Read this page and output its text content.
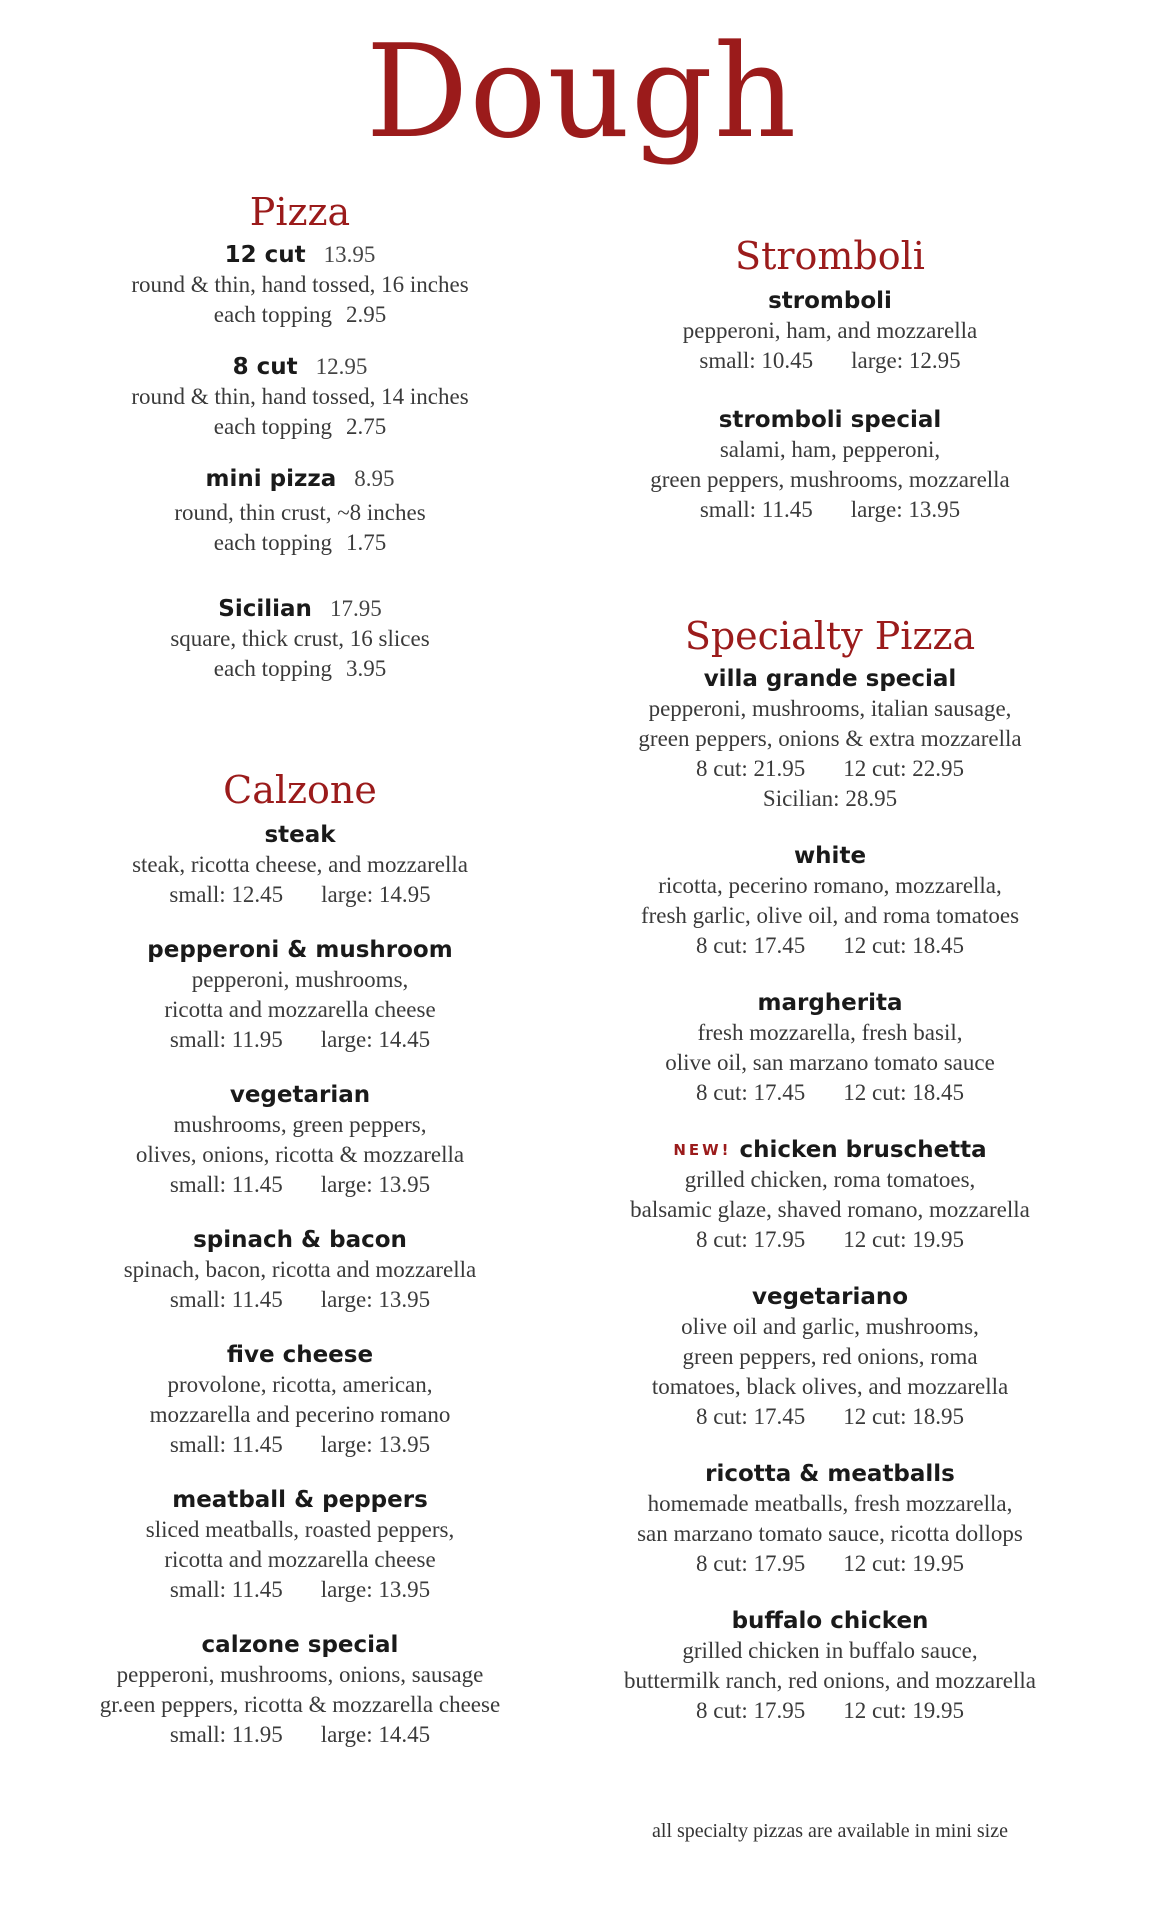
Dough
Pizza
12 cut 13.95
round & thin, hand tossed, 16 inches
each topping 2.95
8 cut 12.95
round & thin, hand tossed, 14 inches
each topping 2.75
mini pizza 8.95
round, thin crust, ~8 inches
each topping 1.75
Sicilian 17.95
square, thick crust, 16 slices
each topping 3.95
Calzone
steak
steak, ricotta cheese, and mozzarella
small: 12.45 large: 14.95
pepperoni & mushroom
pepperoni, mushrooms,
ricotta and mozzarella cheese
small: 11.95 large: 14.45
vegetarian
mushrooms, green peppers,
olives, onions, ricotta & mozzarella
small: 11.45 large: 13.95
spinach & bacon
spinach, bacon, ricotta and mozzarella
small: 11.45 large: 13.95
five cheese
provolone, ricotta, american,
mozzarella and pecerino romano
small: 11.45 large: 13.95
meatball & peppers
sliced meatballs, roasted peppers,
ricotta and mozzarella cheese
small: 11.45 large: 13.95
calzone special
pepperoni, mushrooms, onions, sausage
gr.een peppers, ricotta & mozzarella cheese
small: 11.95 large: 14.45
Stromboli
stromboli
pepperoni, ham, and mozzarella
small: 10.45 large: 12.95
stromboli special
salami, ham, pepperoni,
green peppers, mushrooms, mozzarella
small: 11.45 large: 13.95
Specialty Pizza
villa grande special
pepperoni, mushrooms, italian sausage,
green peppers, onions & extra mozzarella
8 cut: 21.95 12 cut: 22.95
Sicilian: 28.95
white
ricotta, pecerino romano, mozzarella,
fresh garlic, olive oil, and roma tomatoes
8 cut: 17.45 12 cut: 18.45
margherita
fresh mozzarella, fresh basil,
olive oil, san marzano tomato sauce
8 cut: 17.45 12 cut: 18.45
NEW! chicken bruschetta
grilled chicken, roma tomatoes,
balsamic glaze, shaved romano, mozzarella
8 cut: 17.95 12 cut: 19.95
vegetariano
olive oil and garlic, mushrooms,
green peppers, red onions, roma
tomatoes, black olives, and mozzarella
8 cut: 17.45 12 cut: 18.95
ricotta & meatballs
homemade meatballs, fresh mozzarella,
san marzano tomato sauce, ricotta dollops
8 cut: 17.95 12 cut: 19.95
buffalo chicken
grilled chicken in buffalo sauce,
buttermilk ranch, red onions, and mozzarella
8 cut: 17.95 12 cut: 19.95
all specialty pizzas are available in mini size
